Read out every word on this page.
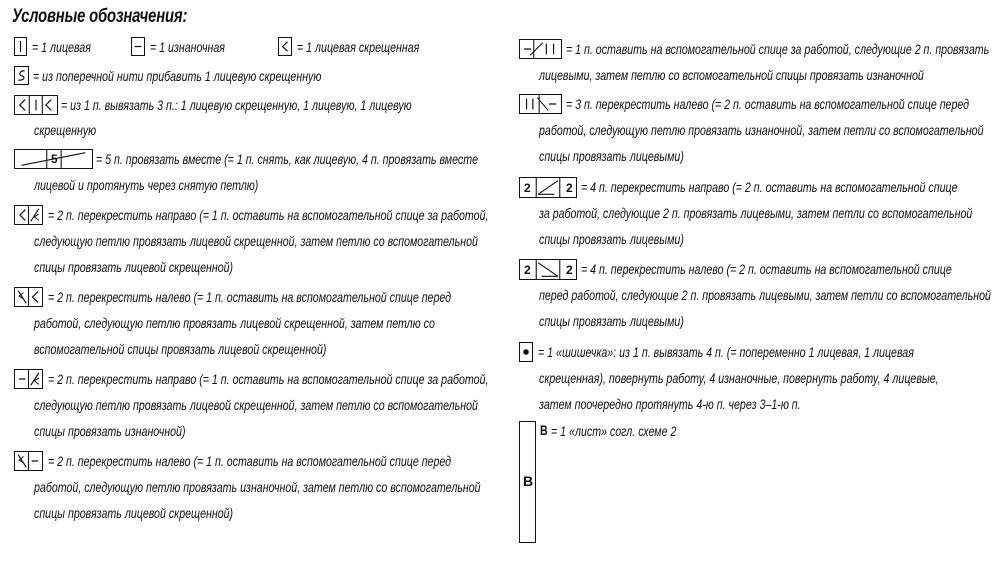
Условные обозначения:
= 1 лицевая	= 1 изнаночная	= 1 лицевая скрещенная
= из поперечной нити прибавить 1 лицевую скрещенную
= из 1 п. вывязать 3 п.: 1 лицевую скрещенную, 1 лицевую, 1 лицевую
скрещенную
5	= 5 п. провязать вместе (= 1 п. снять, как лицевую, 4 п. провязать вместе
лицевой и протянуть через снятую петлю)
= 2 п. перекрестить направо (= 1 п. оставить на вспомогательной спице за работой,
следующую петлю провязать лицевой скрещенной, затем петлю со вспомогательной
спицы провязать лицевой скрещенной)
= 2 п. перекрестить налево (= 1 п. оставить на вспомогательной спице перед
работой, следующую петлю провязать лицевой скрещенной, затем петлю со
вспомогательной спицы провязать лицевой скрещенной)
= 2 п. перекрестить направо (= 1 п. оставить на вспомогательной спице за работой,
следующую петлю провязать лицевой скрещенной, затем петлю со вспомогательной
спицы провязать изнаночной)
= 2 п. перекрестить налево (= 1 п. оставить на вспомогательной спице перед
работой, следующую петлю провязать изнаночной, затем петлю со вспомогательной
спицы провязать лицевой скрещенной)
= 1 п. оставить на вспомогательной спице за работой, следующие 2 п. провязать
лицевыми, затем петлю со вспомогательной спицы провязать изнаночной
= 3 п. перекрестить налево (= 2 п. оставить на вспомогательной спице перед
работой, следующую петлю провязать изнаночной, затем петли со вспомогательной
спицы провязать лицевыми)
2	2 = 4 п. перекрестить направо (= 2 п. оставить на вспомогательной спице
за работой, следующие 2 п. провязать лицевыми, затем петли со вспомогательной
спицы провязать лицевыми)
2	2 = 4 п. перекрестить налево (= 2 п. оставить на вспомогательной спице
перед работой, следующие 2 п. провязать лицевыми, затем петли со вспомогательной
спицы провязать лицевыми)
= 1 «шишечка»: из 1 п. вывязать 4 п. (= попеременно 1 лицевая, 1 лицевая
скрещенная), повернуть работу, 4 изнаночные, повернуть работу, 4 лицевые,
затем поочередно протянуть 4-ю п. через 3–1-ю п.
B
B = 1 «лист» согл. схеме 2
